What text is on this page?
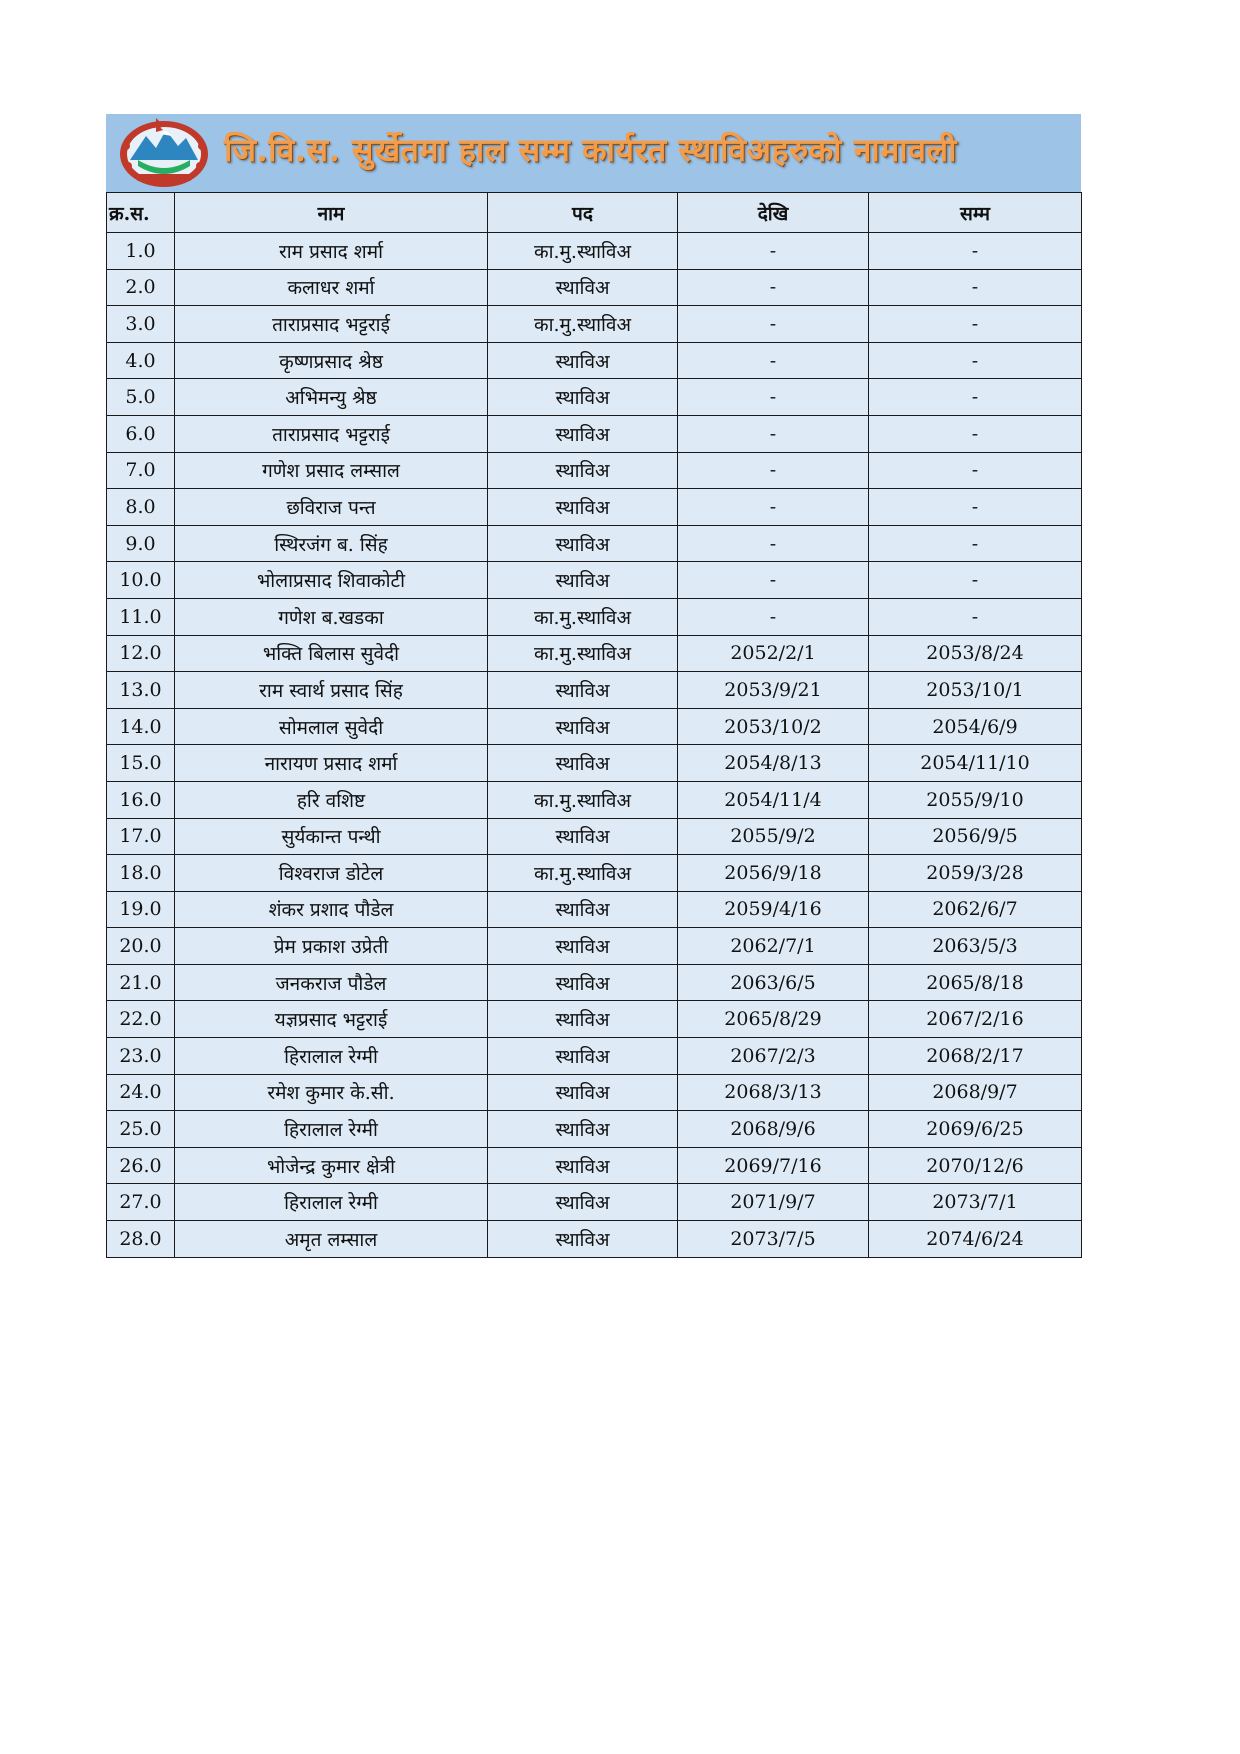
जि.वि.स. सुर्खेतमा हाल सम्म कार्यरत स्थाविअहरुको नामावली
क्र.स.	नाम	पद	देखि	सम्म
1.0	राम प्रसाद शर्मा	का.मु.स्थाविअ	-	-
2.0	कलाधर शर्मा	स्थाविअ	-	-
3.0	ताराप्रसाद भट्टराई	का.मु.स्थाविअ	-	-
4.0	कृष्णप्रसाद श्रेष्ठ	स्थाविअ	-	-
5.0	अभिमन्यु श्रेष्ठ	स्थाविअ	-	-
6.0	ताराप्रसाद भट्टराई	स्थाविअ	-	-
7.0	गणेश प्रसाद लम्साल	स्थाविअ	-	-
8.0	छविराज पन्त	स्थाविअ	-	-
9.0	स्थिरजंग ब. सिंह	स्थाविअ	-	-
10.0	भोलाप्रसाद शिवाकोटी	स्थाविअ	-	-
11.0	गणेश ब.खडका	का.मु.स्थाविअ	-	-
12.0	भक्ति बिलास सुवेदी	का.मु.स्थाविअ	2052/2/1	2053/8/24
13.0	राम स्वार्थ प्रसाद सिंह	स्थाविअ	2053/9/21	2053/10/1
14.0	सोमलाल सुवेदी	स्थाविअ	2053/10/2	2054/6/9
15.0	नारायण प्रसाद शर्मा	स्थाविअ	2054/8/13	2054/11/10
16.0	हरि वशिष्ट	का.मु.स्थाविअ	2054/11/4	2055/9/10
17.0	सुर्यकान्त पन्थी	स्थाविअ	2055/9/2	2056/9/5
18.0	विश्वराज डोटेल	का.मु.स्थाविअ	2056/9/18	2059/3/28
19.0	शंकर प्रशाद पौडेल	स्थाविअ	2059/4/16	2062/6/7
20.0	प्रेम प्रकाश उप्रेती	स्थाविअ	2062/7/1	2063/5/3
21.0	जनकराज पौडेल	स्थाविअ	2063/6/5	2065/8/18
22.0	यज्ञप्रसाद भट्टराई	स्थाविअ	2065/8/29	2067/2/16
23.0	हिरालाल रेग्मी	स्थाविअ	2067/2/3	2068/2/17
24.0	रमेश कुमार के.सी.	स्थाविअ	2068/3/13	2068/9/7
25.0	हिरालाल रेग्मी	स्थाविअ	2068/9/6	2069/6/25
26.0	भोजेन्द्र कुमार क्षेत्री	स्थाविअ	2069/7/16	2070/12/6
27.0	हिरालाल रेग्मी	स्थाविअ	2071/9/7	2073/7/1
28.0	अमृत लम्साल	स्थाविअ	2073/7/5	2074/6/24
